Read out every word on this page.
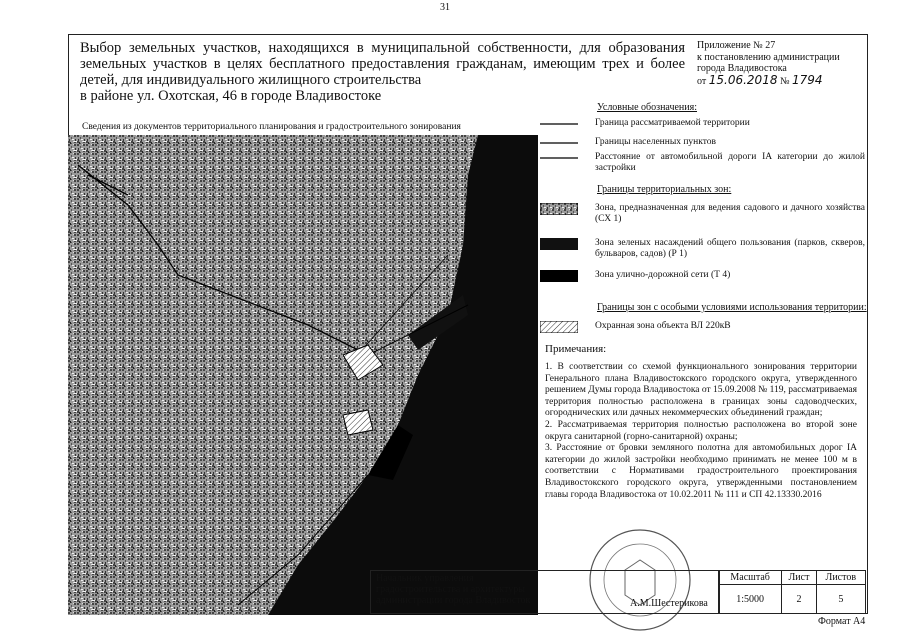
31
Выбор земельных участков, находящихся в муниципальной собственности, для образования земельных участков в целях бесплатного предоставления гражданам, имеющим трех и более детей, для индивидуального жилищного строительства
в районе ул. Охотская, 46 в городе Владивостоке
Приложение № 27
к постановлению администрации
города Владивостока
от 15.06.2018 № 1794
Сведения из документов территориального планирования и градостроительного зонирования
Условные обозначения:
Граница рассматриваемой территории
Границы населенных пунктов
Расстояние от автомобильной дороги IA категории до жилой застройки
Границы территориальных зон:
Зона, предназначенная для ведения садового и дачного хозяйства (СХ 1)
Зона зеленых насаждений общего пользования (парков, скверов, бульваров, садов) (Р 1)
Зона улично-дорожной сети (Т 4)
Границы зон с особыми условиями использования территории:
Охранная зона объекта ВЛ 220кВ
Примечания:

1. В соответствии со схемой функционального зонирования территории Генерального плана Владивостокского городского округа, утвержденного решением Думы города Владивостока от 15.09.2008 № 119, рассматриваемая территория полностью расположена в границах зоны садоводческих, огороднических или дачных некоммерческих объединений граждан;

2. Рассматриваемая территория полностью расположена во второй зоне округа санитарной (горно-санитарной) охраны;

3. Расстояние от бровки земляного полотна для автомобильных дорог IA категории до жилой застройки необходимо принимать не менее 100 м в соответствии с Нормативами градостроительного проектирования Владивостокского городского округа, утвержденными постановлением главы города Владивостока от 10.02.2011 № 111 и СП 42.13330.2016

Начальник управления
градостроительства и архитектуры
администрации города Владивосток	А.М.Шестерикова
Масштаб	Лист	Листов
1:5000	2	5
Формат А4
